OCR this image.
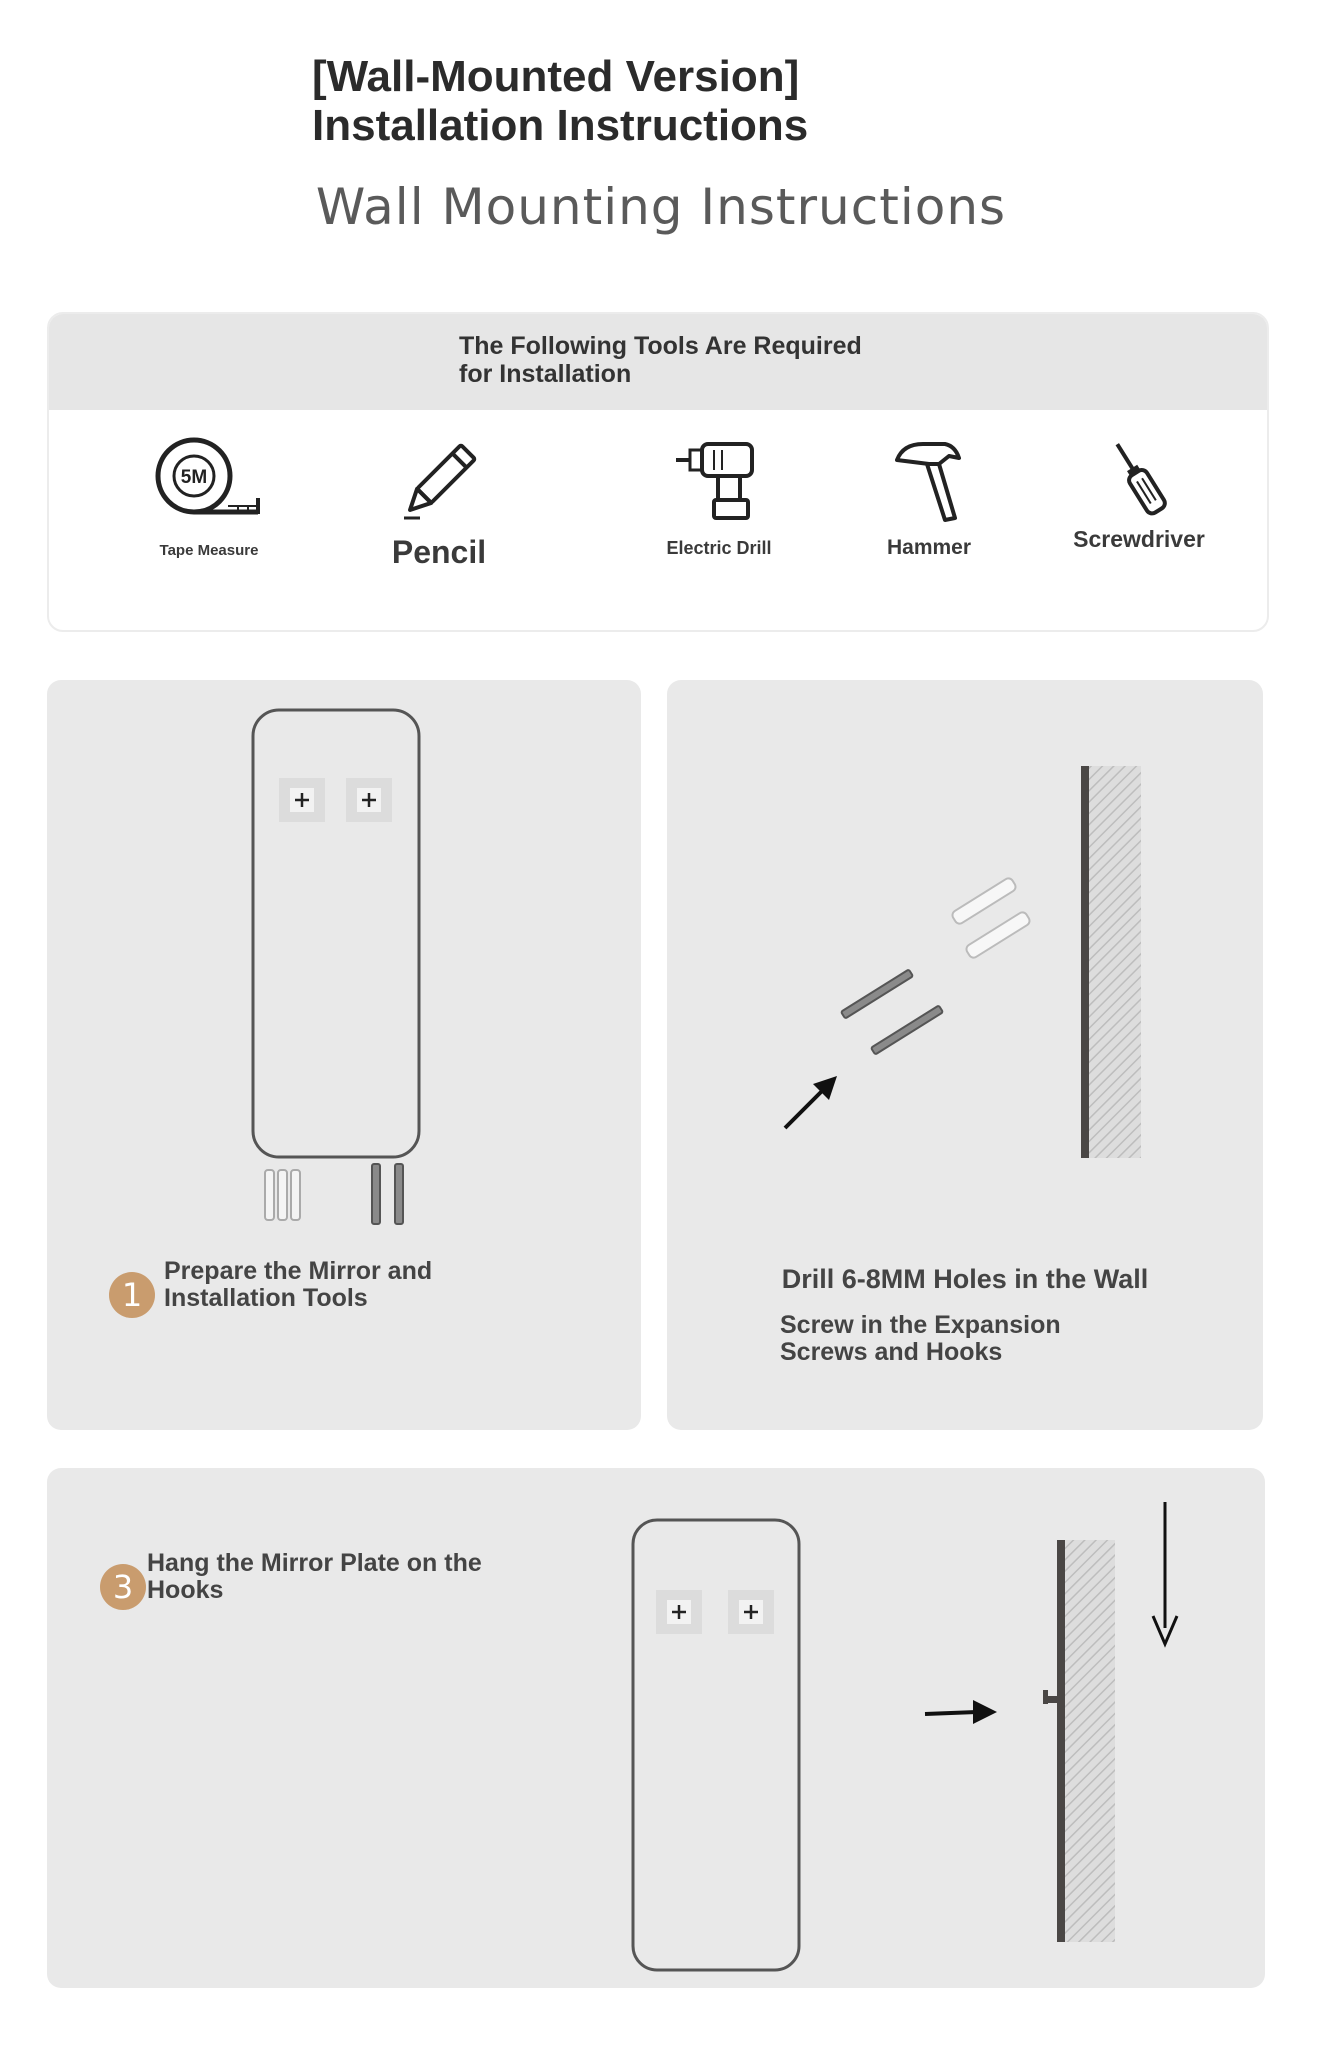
[Wall-Mounted Version]
Installation Instructions
Wall Mounting Instructions
The Following Tools Are Required
for Installation
5M
Tape Measure	Pencil	Electric Drill	Hammer	Screwdriver
1
Prepare the Mirror and
Installation Tools
Drill 6-8MM Holes in the Wall
Screw in the Expansion
Screws and Hooks
3
Hang the Mirror Plate on the
Hooks
